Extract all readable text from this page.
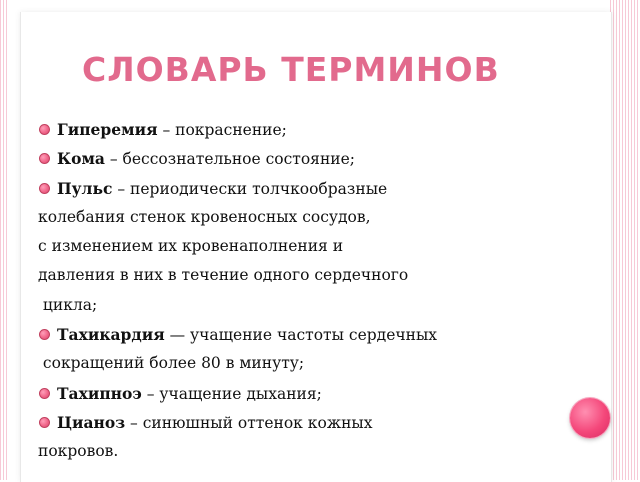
СЛОВАРЬ ТЕРМИНОВ
Гиперемия – покраснение;
Кома – бессознательное состояние;
Пульс – периодически толчкообразные
колебания стенок кровеносных сосудов,
с изменением их кровенаполнения и
давления в них в течение одного сердечного
цикла;
Тахикардия — учащение частоты сердечных
сокращений более 80 в минуту;
Тахипноэ – учащение дыхания;
Цианоз – синюшный оттенок кожных
покровов.
